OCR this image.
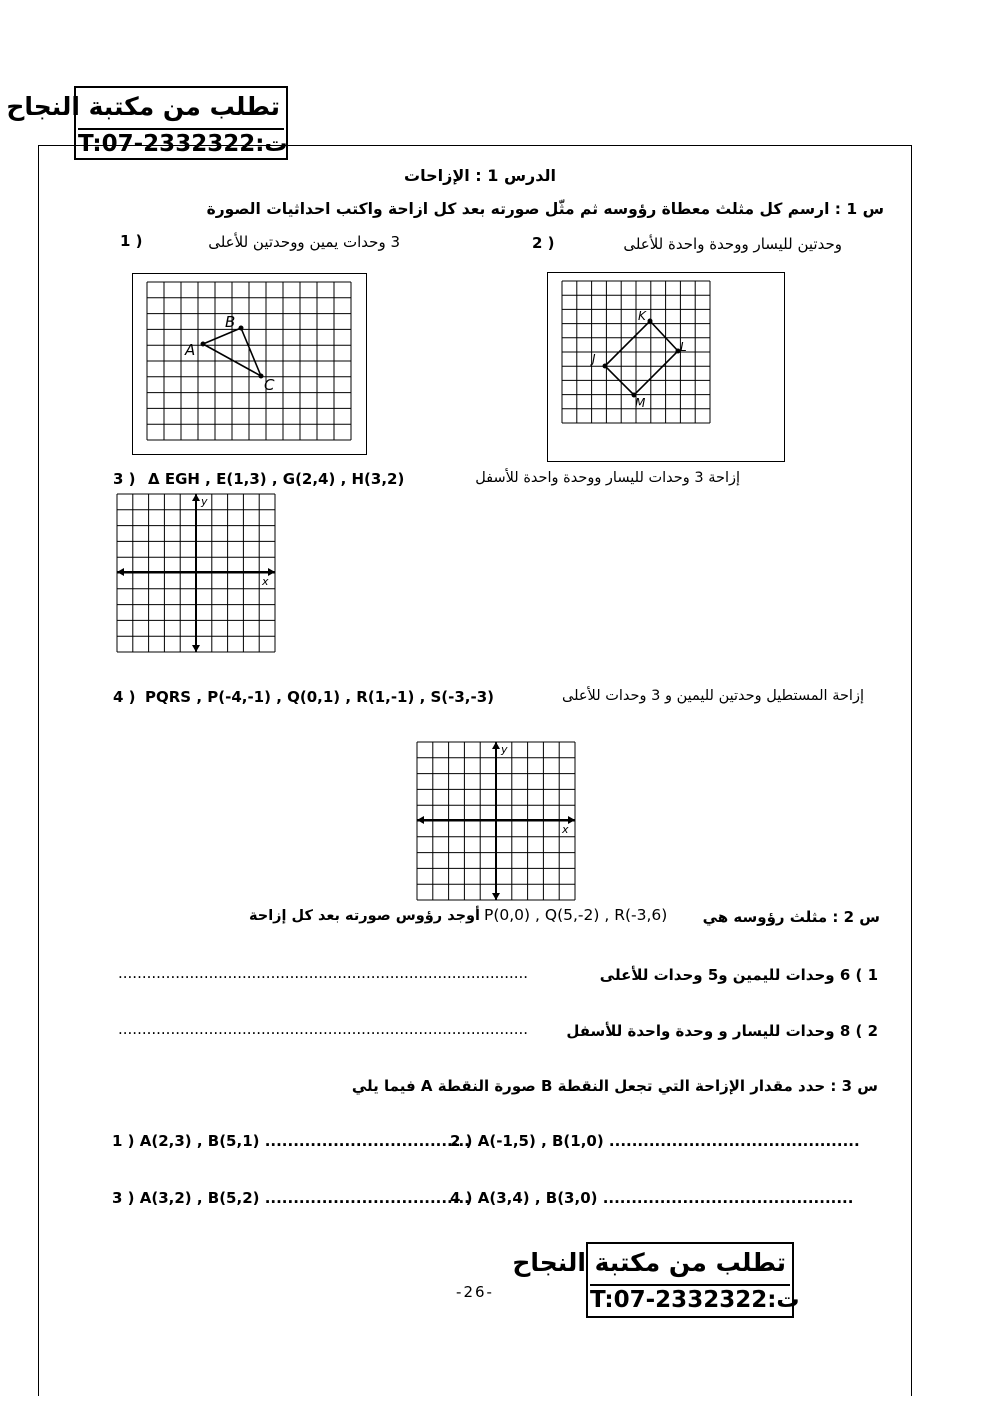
تطلب من مكتبة النجاح
T:07-2332322:ت
الدرس 1 : الإزاحات
س 1 : ارسم كل مثلث معطاة رؤوسه ثم مثّل صورته بعد كل ازاحة واكتب احداثيات الصورة
1 )	3 وحدات يمين ووحدتين للأعلى	وحدتين لليسار ووحدة واحدة للأعلى
2 )
A
B
C
J
K
L
M
3 ) Δ EGH , E(1,3) , G(2,4) , H(3,2)	إزاحة 3 وحدات لليسار ووحدة واحدة للأسفل
x
y
4 ) PQRS , P(-4,-1) , Q(0,1) , R(1,-1) , S(-3,-3)	إزاحة المستطيل وحدتين لليمين و 3 وحدات للأعلى
x
y
س 2 : مثلث رؤوسه هي
P(0,0) , Q(5,-2) , R(-3,6)
أوجد رؤوس صورته بعد كل إزاحة
1 ) 6 وحدات لليمين و5 وحدات للأعلى
......................................................................................
2 ) 8 وحدات لليسار و وحدة واحدة للأسفل
......................................................................................
س 3 : حدد مقدار الإزاحة التي تجعل النقطة B صورة النقطة A فيما يلي
1 ) A(2,3) , B(5,1) ....................................
2 ) A(-1,5) , B(1,0) ............................................
3 ) A(3,2) , B(5,2) ....................................
4 ) A(3,4) , B(3,0) ............................................
-26-
تطلب من مكتبة النجاح
T:07-2332322:ت
